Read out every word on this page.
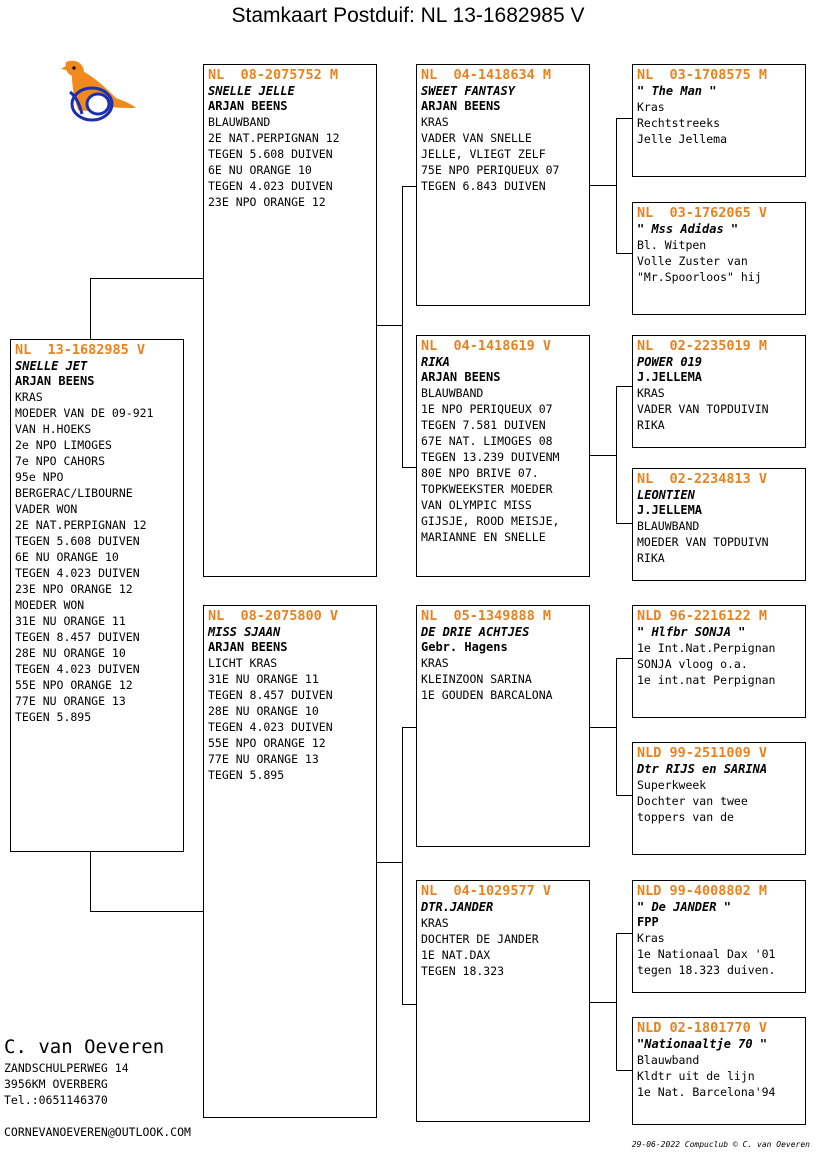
Stamkaart Postduif: NL 13-1682985 V
NL  13-1682985 V
SNELLE JET
ARJAN BEENS
KRAS
MOEDER VAN DE 09-921
VAN H.HOEKS
2e NPO LIMOGES
7e NPO CAHORS
95e NPO
BERGERAC/LIBOURNE
VADER WON
2E NAT.PERPIGNAN 12
TEGEN 5.608 DUIVEN
6E NU ORANGE 10
TEGEN 4.023 DUIVEN
23E NPO ORANGE 12
MOEDER WON
31E NU ORANGE 11
TEGEN 8.457 DUIVEN
28E NU ORANGE 10
TEGEN 4.023 DUIVEN
55E NPO ORANGE 12
77E NU ORANGE 13
TEGEN 5.895
NL  08-2075752 M
SNELLE JELLE
ARJAN BEENS
BLAUWBAND
2E NAT.PERPIGNAN 12
TEGEN 5.608 DUIVEN
6E NU ORANGE 10
TEGEN 4.023 DUIVEN
23E NPO ORANGE 12
NL  08-2075800 V
MISS SJAAN
ARJAN BEENS
LICHT KRAS
31E NU ORANGE 11
TEGEN 8.457 DUIVEN
28E NU ORANGE 10
TEGEN 4.023 DUIVEN
55E NPO ORANGE 12
77E NU ORANGE 13
TEGEN 5.895
NL  04-1418634 M
SWEET FANTASY
ARJAN BEENS
KRAS
VADER VAN SNELLE
JELLE, VLIEGT ZELF
75E NPO PERIQUEUX 07
TEGEN 6.843 DUIVEN
NL  04-1418619 V
RIKA
ARJAN BEENS
BLAUWBAND
1E NPO PERIQUEUX 07
TEGEN 7.581 DUIVEN
67E NAT. LIMOGES 08
TEGEN 13.239 DUIVENM
80E NPO BRIVE 07.
TOPKWEEKSTER MOEDER
VAN OLYMPIC MISS
GIJSJE, ROOD MEISJE,
MARIANNE EN SNELLE
NL  05-1349888 M
DE DRIE ACHTJES
Gebr. Hagens
KRAS
KLEINZOON SARINA
1E GOUDEN BARCALONA
NL  04-1029577 V
DTR.JANDER
KRAS
DOCHTER DE JANDER
1E NAT.DAX
TEGEN 18.323
NL  03-1708575 M
" The Man "
Kras
Rechtstreeks
Jelle Jellema
NL  03-1762065 V
" Mss Adidas "
Bl. Witpen
Volle Zuster van
"Mr.Spoorloos" hij
NL  02-2235019 M
POWER 019
J.JELLEMA
KRAS
VADER VAN TOPDUIVIN
RIKA
NL  02-2234813 V
LEONTIEN
J.JELLEMA
BLAUWBAND
MOEDER VAN TOPDUIVN
RIKA
NLD 96-2216122 M
" Hlfbr SONJA "
1e Int.Nat.Perpignan
SONJA vloog o.a.
1e int.nat Perpignan
NLD 99-2511009 V
Dtr RIJS en SARINA
Superkweek
Dochter van twee
toppers van de
NLD 99-4008802 M
" De JANDER "
FPP
Kras
1e Nationaal Dax '01
tegen 18.323 duiven.
NLD 02-1801770 V
"Nationaaltje 70 "
Blauwband
Kldtr uit de lijn
1e Nat. Barcelona'94
C. van Oeveren
ZANDSCHULPERWEG 14
3956KM OVERBERG
Tel.:0651146370
CORNEVANOEVEREN@OUTLOOK.COM
29-06-2022 Compuclub © C. van Oeveren
